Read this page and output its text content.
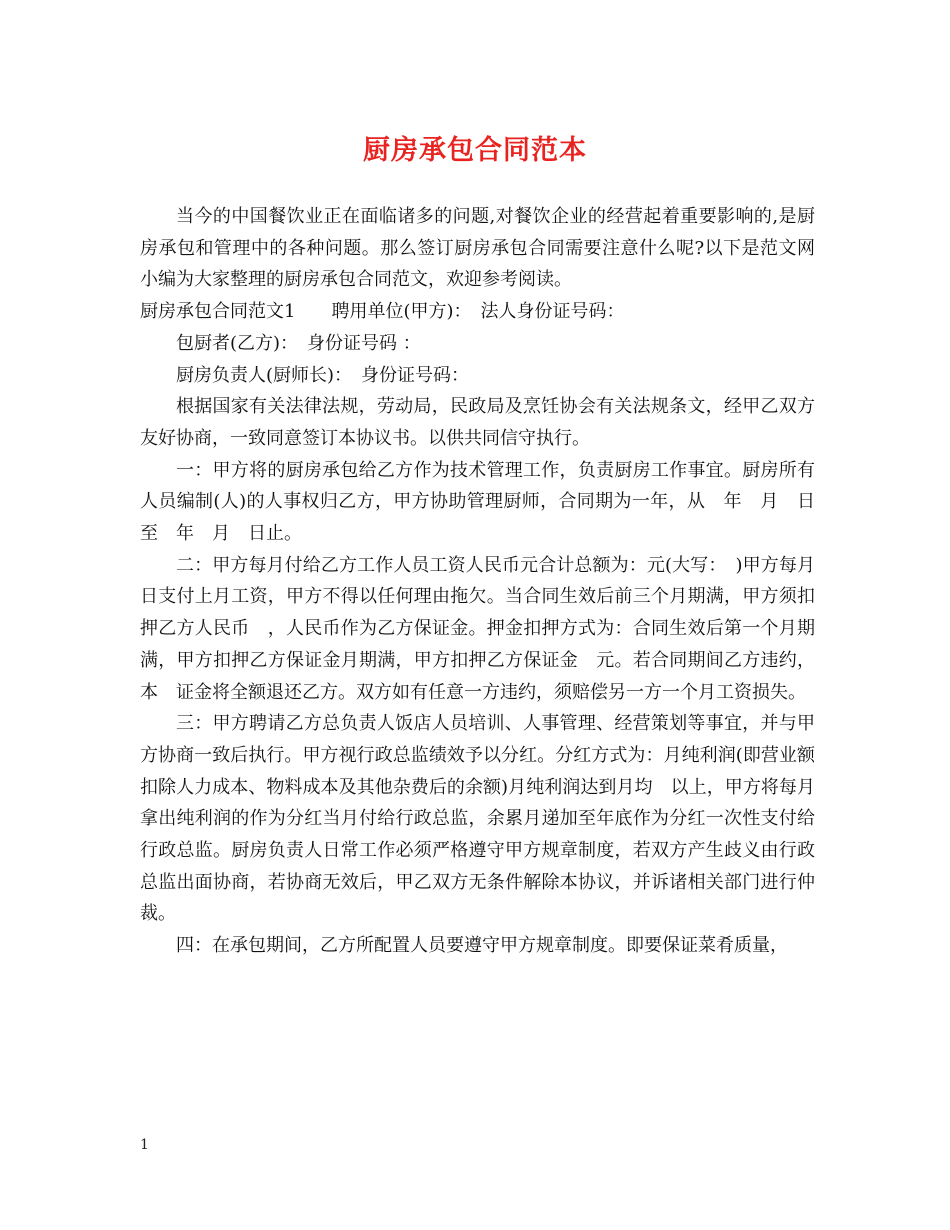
厨房承包合同范本

当今的中国餐饮业正在面临诸多的问题,对餐饮企业的经营起着重要影响的,是厨房承包和管理中的各种问题。那么签订厨房承包合同需要注意什么呢?以下是范文网小编为大家整理的厨房承包合同范文，欢迎参考阅读。

厨房承包合同范文1　　聘用单位(甲方)：　法人身份证号码：

包厨者(乙方)：　身份证号码 ：

厨房负责人(厨师长)：　身份证号码：

根据国家有关法律法规，劳动局，民政局及烹饪协会有关法规条文，经甲乙双方友好协商，一致同意签订本协议书。以供共同信守执行。

一：甲方将的厨房承包给乙方作为技术管理工作，负责厨房工作事宜。厨房所有人员编制(人)的人事权归乙方，甲方协助管理厨师，合同期为一年，从　年　月　日　至　年　月　日止。

二：甲方每月付给乙方工作人员工资人民币元合计总额为：元(大写：　)甲方每月　日支付上月工资，甲方不得以任何理由拖欠。当合同生效后前三个月期满，甲方须扣押乙方人民币　，人民币作为乙方保证金。押金扣押方式为：合同生效后第一个月期满，甲方扣押乙方保证金月期满，甲方扣押乙方保证金　元。若合同期间乙方违约，本　证金将全额退还乙方。双方如有任意一方违约，须赔偿另一方一个月工资损失。

三：甲方聘请乙方总负责人饭店人员培训、人事管理、经营策划等事宜，并与甲方协商一致后执行。甲方视行政总监绩效予以分红。分红方式为：月纯利润(即营业额扣除人力成本、物料成本及其他杂费后的余额)月纯利润达到月均　以上，甲方将每月拿出纯利润的作为分红当月付给行政总监，余累月递加至年底作为分红一次性支付给行政总监。厨房负责人日常工作必须严格遵守甲方规章制度，若双方产生歧义由行政总监出面协商，若协商无效后，甲乙双方无条件解除本协议，并诉诸相关部门进行仲裁。

四：在承包期间，乙方所配置人员要遵守甲方规章制度。即要保证菜肴质量，

1
